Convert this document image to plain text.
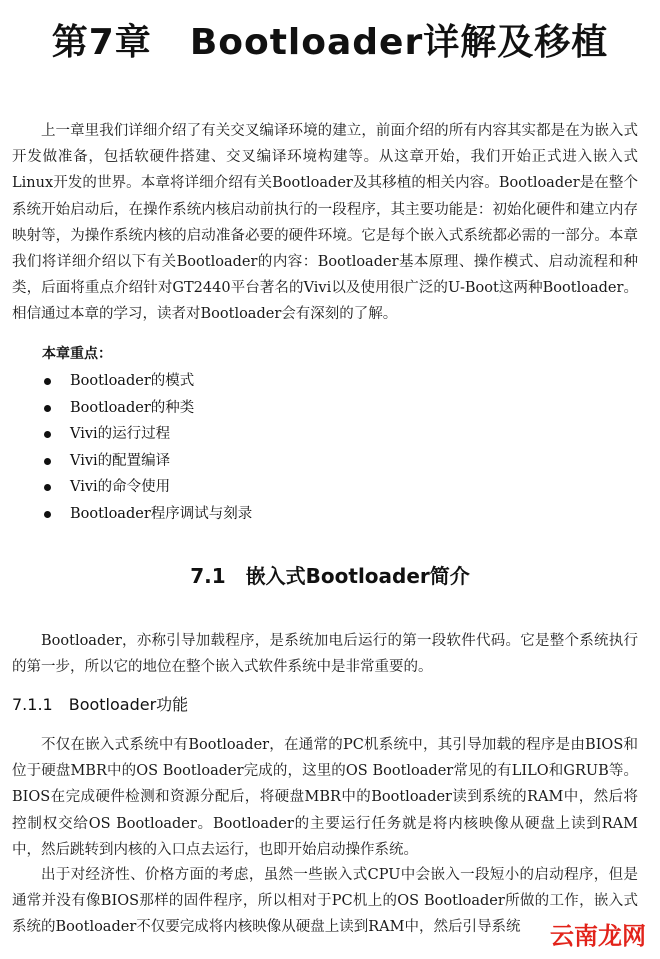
第7章 Bootloader详解及移植

上一章里我们详细介绍了有关交叉编译环境的建立，前面介绍的所有内容其实都是在为嵌入式开发做准备，包括软硬件搭建、交叉编译环境构建等。从这章开始，我们开始正式进入嵌入式Linux开发的世界。本章将详细介绍有关Bootloader及其移植的相关内容。Bootloader是在整个系统开始启动后，在操作系统内核启动前执行的一段程序，其主要功能是：初始化硬件和建立内存映射等，为操作系统内核的启动准备必要的硬件环境。它是每个嵌入式系统都必需的一部分。本章我们将详细介绍以下有关Bootloader的内容：Bootloader基本原理、操作模式、启动流程和种类，后面将重点介绍针对GT2440平台著名的Vivi以及使用很广泛的U-Boot这两种Bootloader。相信通过本章的学习，读者对Bootloader会有深刻的了解。

本章重点：
Bootloader的模式
Bootloader的种类
Vivi的运行过程
Vivi的配置编译
Vivi的命令使用
Bootloader程序调试与刻录
7.1 嵌入式Bootloader简介

Bootloader，亦称引导加载程序，是系统加电后运行的第一段软件代码。它是整个系统执行的第一步，所以它的地位在整个嵌入式软件系统中是非常重要的。

7.1.1 Bootloader功能

不仅在嵌入式系统中有Bootloader，在通常的PC机系统中，其引导加载的程序是由BIOS和位于硬盘MBR中的OS Bootloader完成的，这里的OS Bootloader常见的有LILO和GRUB等。BIOS在完成硬件检测和资源分配后，将硬盘MBR中的Bootloader读到系统的RAM中，然后将控制权交给OS Bootloader。Bootloader的主要运行任务就是将内核映像从硬盘上读到RAM中，然后跳转到内核的入口点去运行，也即开始启动操作系统。

出于对经济性、价格方面的考虑，虽然一些嵌入式CPU中会嵌入一段短小的启动程序，但是通常并没有像BIOS那样的固件程序，所以相对于PC机上的OS Bootloader所做的工作，嵌入式系统的Bootloader不仅要完成将内核映像从硬盘上读到RAM中，然后引导系统	云南龙网
